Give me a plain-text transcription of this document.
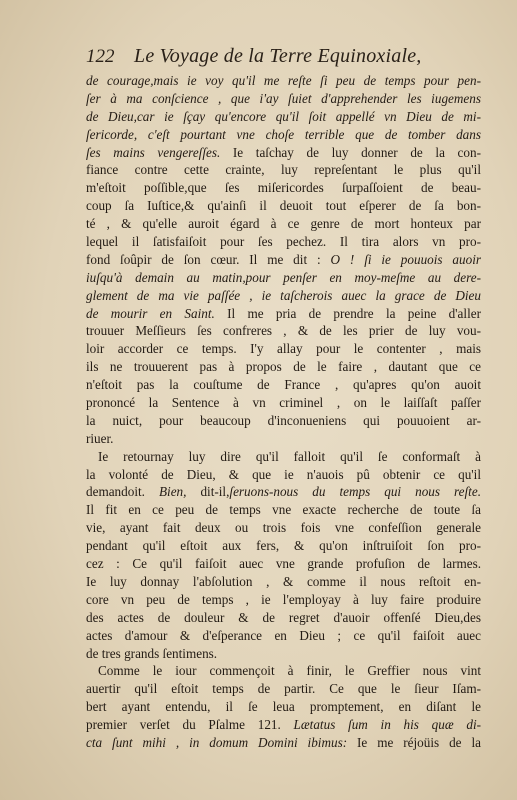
122 Le Voyage de la Terre Equinoxiale,
de courage,mais ie voy qu'il me reſte ſi peu de temps pour pen-
ſer à ma conſcience , que i'ay ſuiet d'apprehender les iugemens
de Dieu,car ie ſçay qu'encore qu'il ſoit appellé vn Dieu de mi-
ſericorde, c'eſt pourtant vne choſe terrible que de tomber dans
ſes mains vengereſſes. Ie taſchay de luy donner de la con-
fiance contre cette crainte, luy repreſentant le plus qu'il
m'eſtoit poſſible,que ſes miſericordes ſurpaſſoient de beau-
coup ſa Iuſtice,& qu'ainſi il deuoit tout eſperer de ſa bon-
té , & qu'elle auroit égard à ce genre de mort honteux par
lequel il ſatisfaiſoit pour ſes pechez. Il tira alors vn pro-
fond ſoûpir de ſon cœur. Il me dit : O ! ſi ie pouuois auoir
iuſqu'à demain au matin,pour penſer en moy-meſme au dere-
glement de ma vie paſſée , ie taſcherois auec la grace de Dieu
de mourir en Saint. Il me pria de prendre la peine d'aller
trouuer Meſſieurs ſes confreres , & de les prier de luy vou-
loir accorder ce temps. I'y allay pour le contenter , mais
ils ne trouuerent pas à propos de le faire , dautant que ce
n'eſtoit pas la couſtume de France , qu'apres qu'on auoit
prononcé la Sentence à vn criminel , on le laiſſaſt paſſer
la nuict, pour beaucoup d'inconueniens qui pouuoient ar-
riuer.
Ie retournay luy dire qu'il falloit qu'il ſe conformaſt à
la volonté de Dieu, & que ie n'auois pû obtenir ce qu'il
demandoit. Bien, dit-il,ſeruons-nous du temps qui nous reſte.
Il fit en ce peu de temps vne exacte recherche de toute ſa
vie, ayant fait deux ou trois fois vne confeſſion generale
pendant qu'il eſtoit aux fers, & qu'on inſtruiſoit ſon pro-
cez : Ce qu'il faiſoit auec vne grande profuſion de larmes.
Ie luy donnay l'abſolution , & comme il nous reſtoit en-
core vn peu de temps , ie l'employay à luy faire produire
des actes de douleur & de regret d'auoir offenſé Dieu,des
actes d'amour & d'eſperance en Dieu ; ce qu'il faiſoit auec
de tres grands ſentimens.
Comme le iour commençoit à finir, le Greffier nous vint
auertir qu'il eſtoit temps de partir. Ce que le ſieur Iſam-
bert ayant entendu, il ſe leua promptement, en diſant le
premier verſet du Pſalme 121. Lætatus ſum in his quæ di-
cta ſunt mihi , in domum Domini ibimus: Ie me réjoüis de la
